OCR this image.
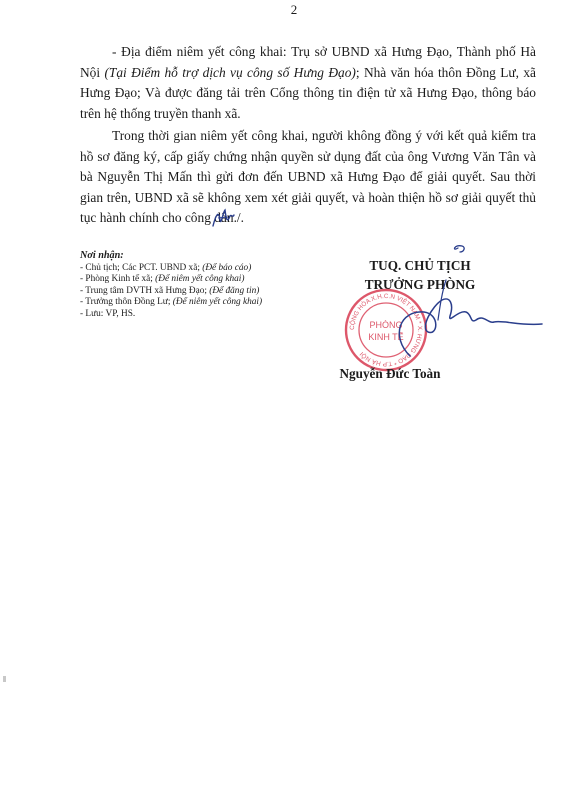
2
- Địa điểm niêm yết công khai: Trụ sở UBND xã Hưng Đạo, Thành phố Hà Nội (Tại Điểm hỗ trợ dịch vụ công số Hưng Đạo); Nhà văn hóa thôn Đồng Lư, xã Hưng Đạo; Và được đăng tải trên Cổng thông tin điện tử xã Hưng Đạo, thông báo trên hệ thống truyền thanh xã.
Trong thời gian niêm yết công khai, người không đồng ý với kết quả kiểm tra hồ sơ đăng ký, cấp giấy chứng nhận quyền sử dụng đất của ông Vương Văn Tân và bà Nguyễn Thị Mấn thì gửi đơn đến UBND xã Hưng Đạo để giải quyết. Sau thời gian trên, UBND xã sẽ không xem xét giải quyết, và hoàn thiện hồ sơ giải quyết thủ tục hành chính cho công dân./.
Nơi nhận:
- Chủ tịch; Các PCT. UBND xã; (Để báo cáo)
- Phòng Kinh tế xã; (Để niêm yết công khai)
- Trung tâm DVTH xã Hưng Đạo; (Để đăng tin)
- Trưởng thôn Đồng Lư; (Để niêm yết công khai)
- Lưu: VP, HS.
TUQ. CHỦ TỊCH
TRƯỞNG PHÒNG
CỘNG HÒA X.H.C.N VIỆT NAM * X. HƯNG ĐẠO * T.P HÀ NỘI
PHÒNG
KINH TẾ
Nguyễn Đức Toàn
